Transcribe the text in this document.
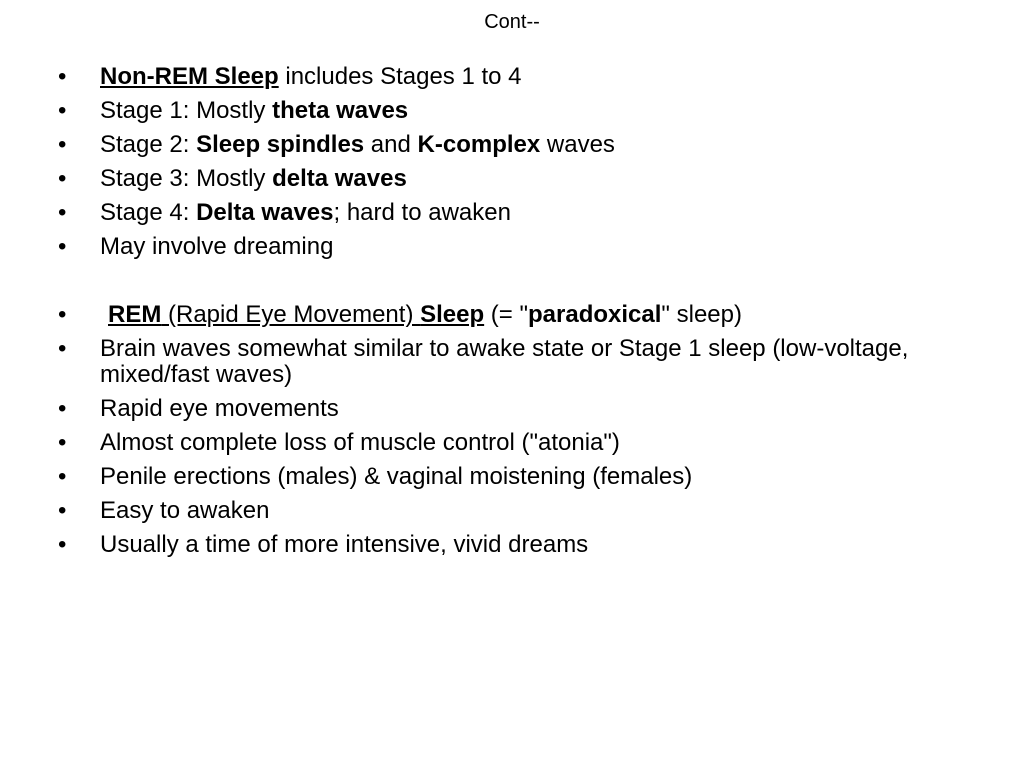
Cont--
• Non-REM Sleep includes Stages 1 to 4
• Stage 1: Mostly theta waves
• Stage 2: Sleep spindles and K-complex waves
• Stage 3: Mostly delta waves
• Stage 4: Delta waves; hard to awaken
• May involve dreaming
• REM (Rapid Eye Movement) Sleep (= "paradoxical" sleep)
• Brain waves somewhat similar to awake state or Stage 1 sleep (low-voltage, mixed/fast waves)
• Rapid eye movements
• Almost complete loss of muscle control ("atonia")
• Penile erections (males) & vaginal moistening (females)
• Easy to awaken
• Usually a time of more intensive, vivid dreams
